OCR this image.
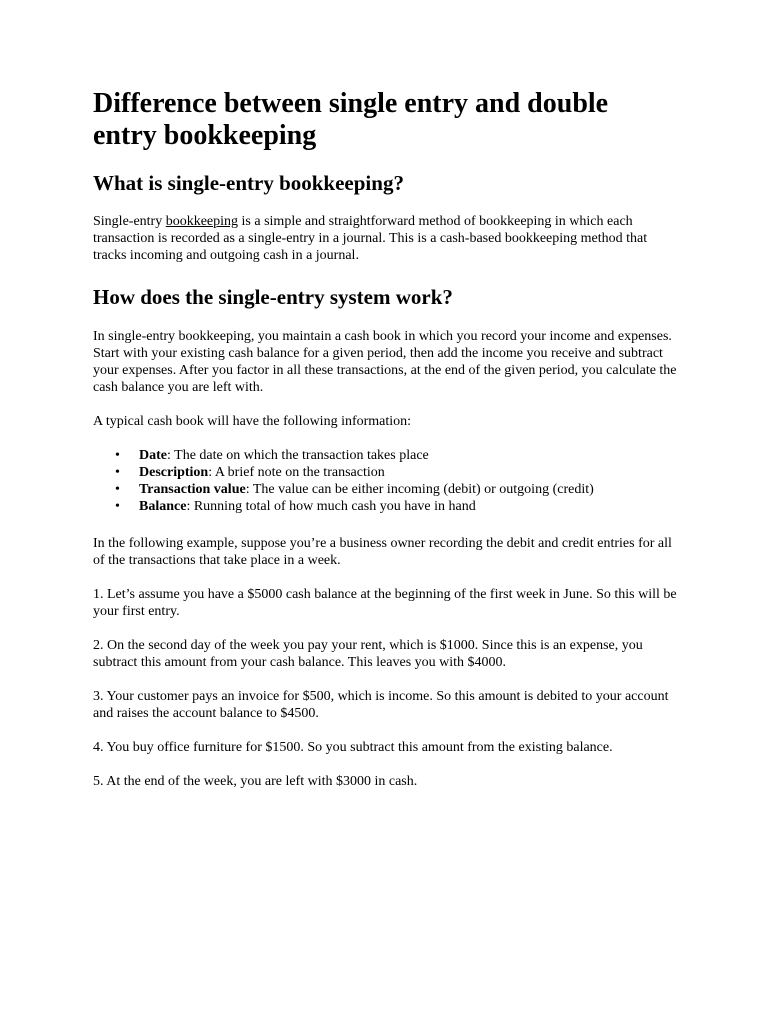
Difference between single entry and double entry bookkeeping
What is single-entry bookkeeping?

Single-entry bookkeeping is a simple and straightforward method of bookkeeping in which each transaction is recorded as a single-entry in a journal. This is a cash-based bookkeeping method that tracks incoming and outgoing cash in a journal.

How does the single-entry system work?

In single-entry bookkeeping, you maintain a cash book in which you record your income and expenses. Start with your existing cash balance for a given period, then add the income you receive and subtract your expenses. After you factor in all these transactions, at the end of the given period, you calculate the cash balance you are left with.

A typical cash book will have the following information:

• Date: The date on which the transaction takes place
• Description: A brief note on the transaction
• Transaction value: The value can be either incoming (debit) or outgoing (credit)
• Balance: Running total of how much cash you have in hand

In the following example, suppose you’re a business owner recording the debit and credit entries for all of the transactions that take place in a week.

1. Let’s assume you have a $5000 cash balance at the beginning of the first week in June. So this will be your first entry.

2. On the second day of the week you pay your rent, which is $1000. Since this is an expense, you subtract this amount from your cash balance. This leaves you with $4000.

3. Your customer pays an invoice for $500, which is income. So this amount is debited to your account and raises the account balance to $4500.

4. You buy office furniture for $1500. So you subtract this amount from the existing balance.

5. At the end of the week, you are left with $3000 in cash.
